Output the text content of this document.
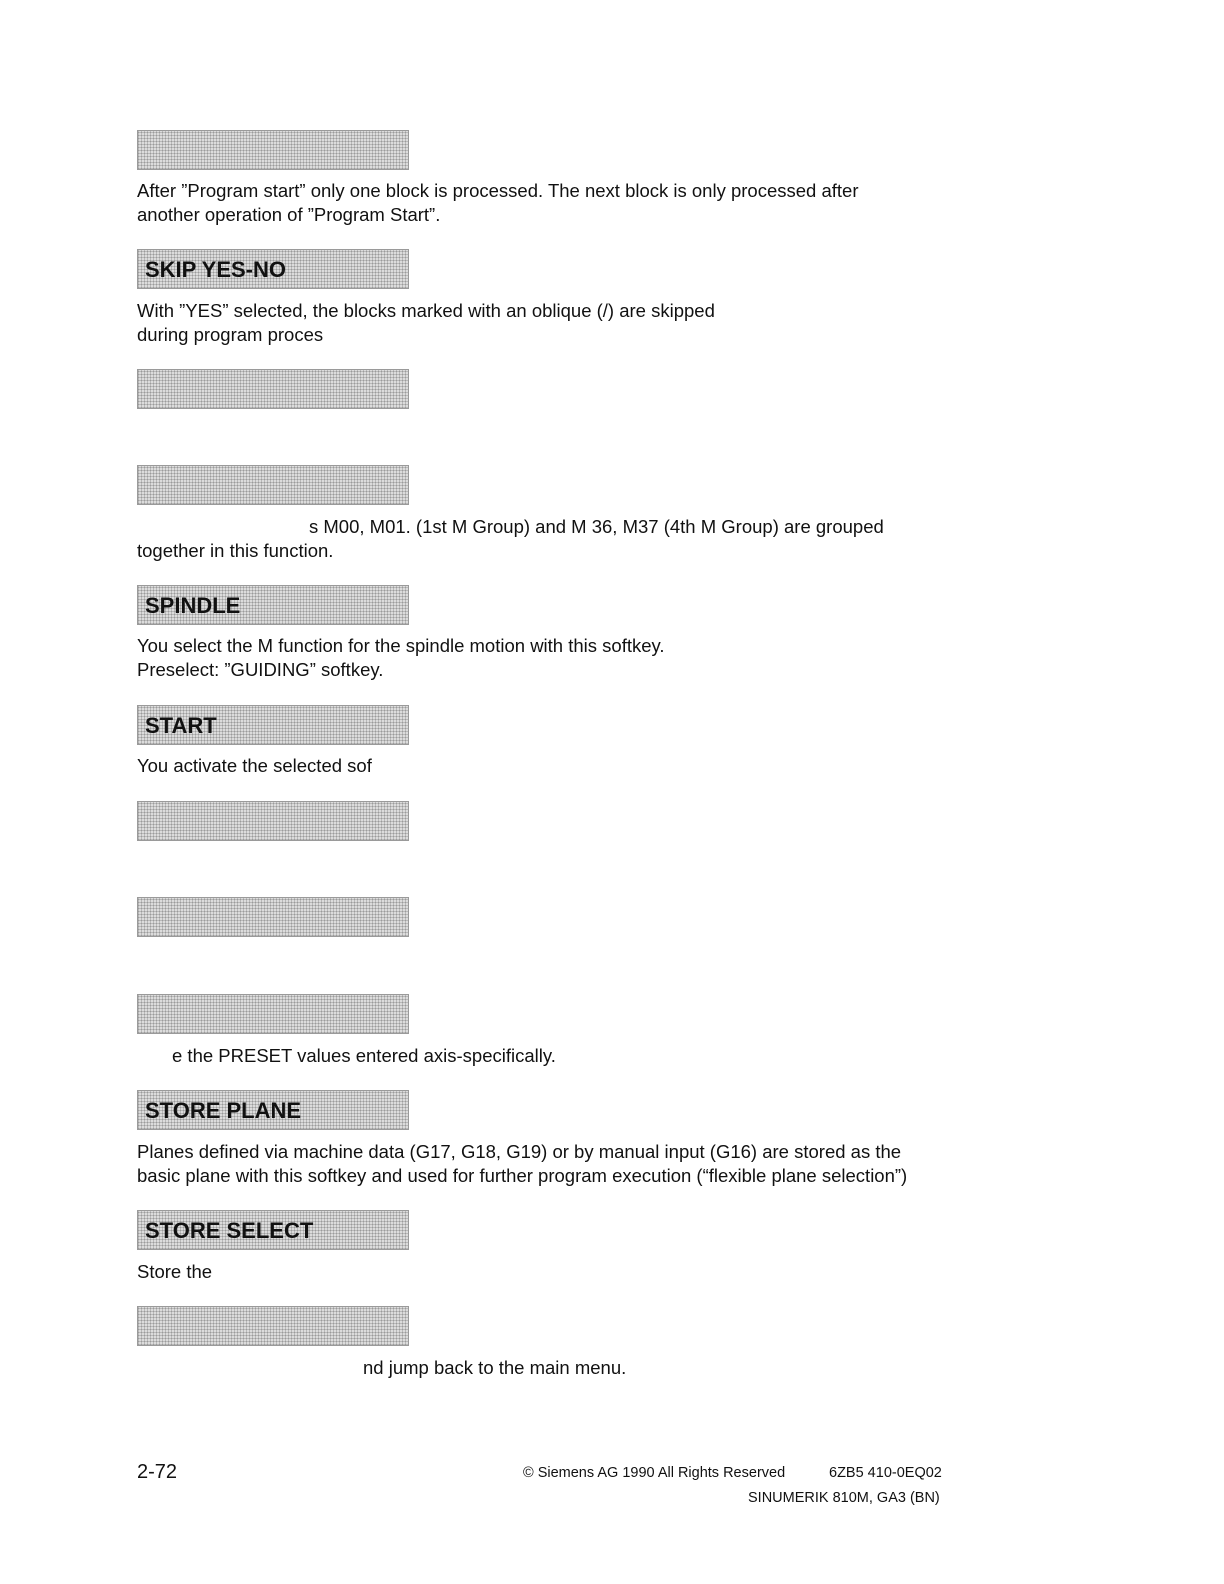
SKIP YES-NO
SPINDLE
START
STORE PLANE
STORE SELECT
After ”Program start” only one block is processed. The next block is only processed after
another operation of ”Program Start”.
With ”YES” selected, the blocks marked with an oblique (/) are skipped
during program proces
s M00, M01. (1st M Group) and M 36, M37 (4th M Group) are grouped
together in this function.
You select the M function for the spindle motion with this softkey.
Preselect: ”GUIDING” softkey.
You activate the selected sof
e the PRESET values entered axis-specifically.
Planes defined via machine data (G17, G18, G19) or by manual input (G16) are stored as the
basic plane with this softkey and used for further program execution (“flexible plane selection”)
Store the
nd jump back to the main menu.
2-72	© Siemens AG 1990 All Rights Reserved	6ZB5 410-0EQ02
SINUMERIK 810M, GA3 (BN)
